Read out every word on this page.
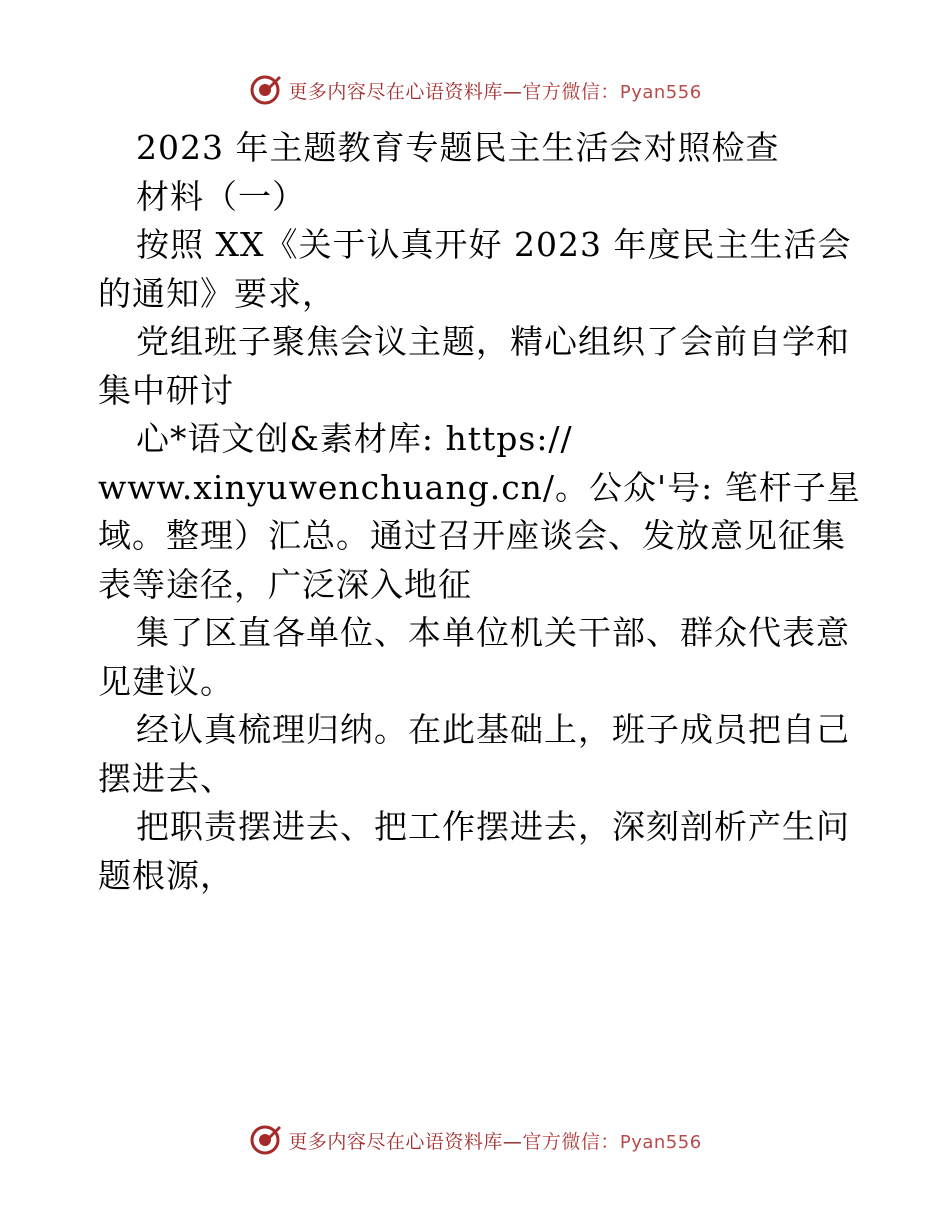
更多内容尽在心语资料库—官方微信：Pyan556
2023 年主题教育专题民主生活会对照检查
材料（一）
按照 XX《关于认真开好 2023 年度民主生活会
的通知》要求，
党组班子聚焦会议主题，精心组织了会前自学和
集中研讨
心*语文创&素材库: https://
www.xinyuwenchuang.cn/。公众'号: 笔杆子星
域。整理）汇总。通过召开座谈会、发放意见征集
表等途径，广泛深入地征
集了区直各单位、本单位机关干部、群众代表意
见建议。
经认真梳理归纳。在此基础上，班子成员把自己
摆进去、
把职责摆进去、把工作摆进去，深刻剖析产生问
题根源，
更多内容尽在心语资料库—官方微信：Pyan556
